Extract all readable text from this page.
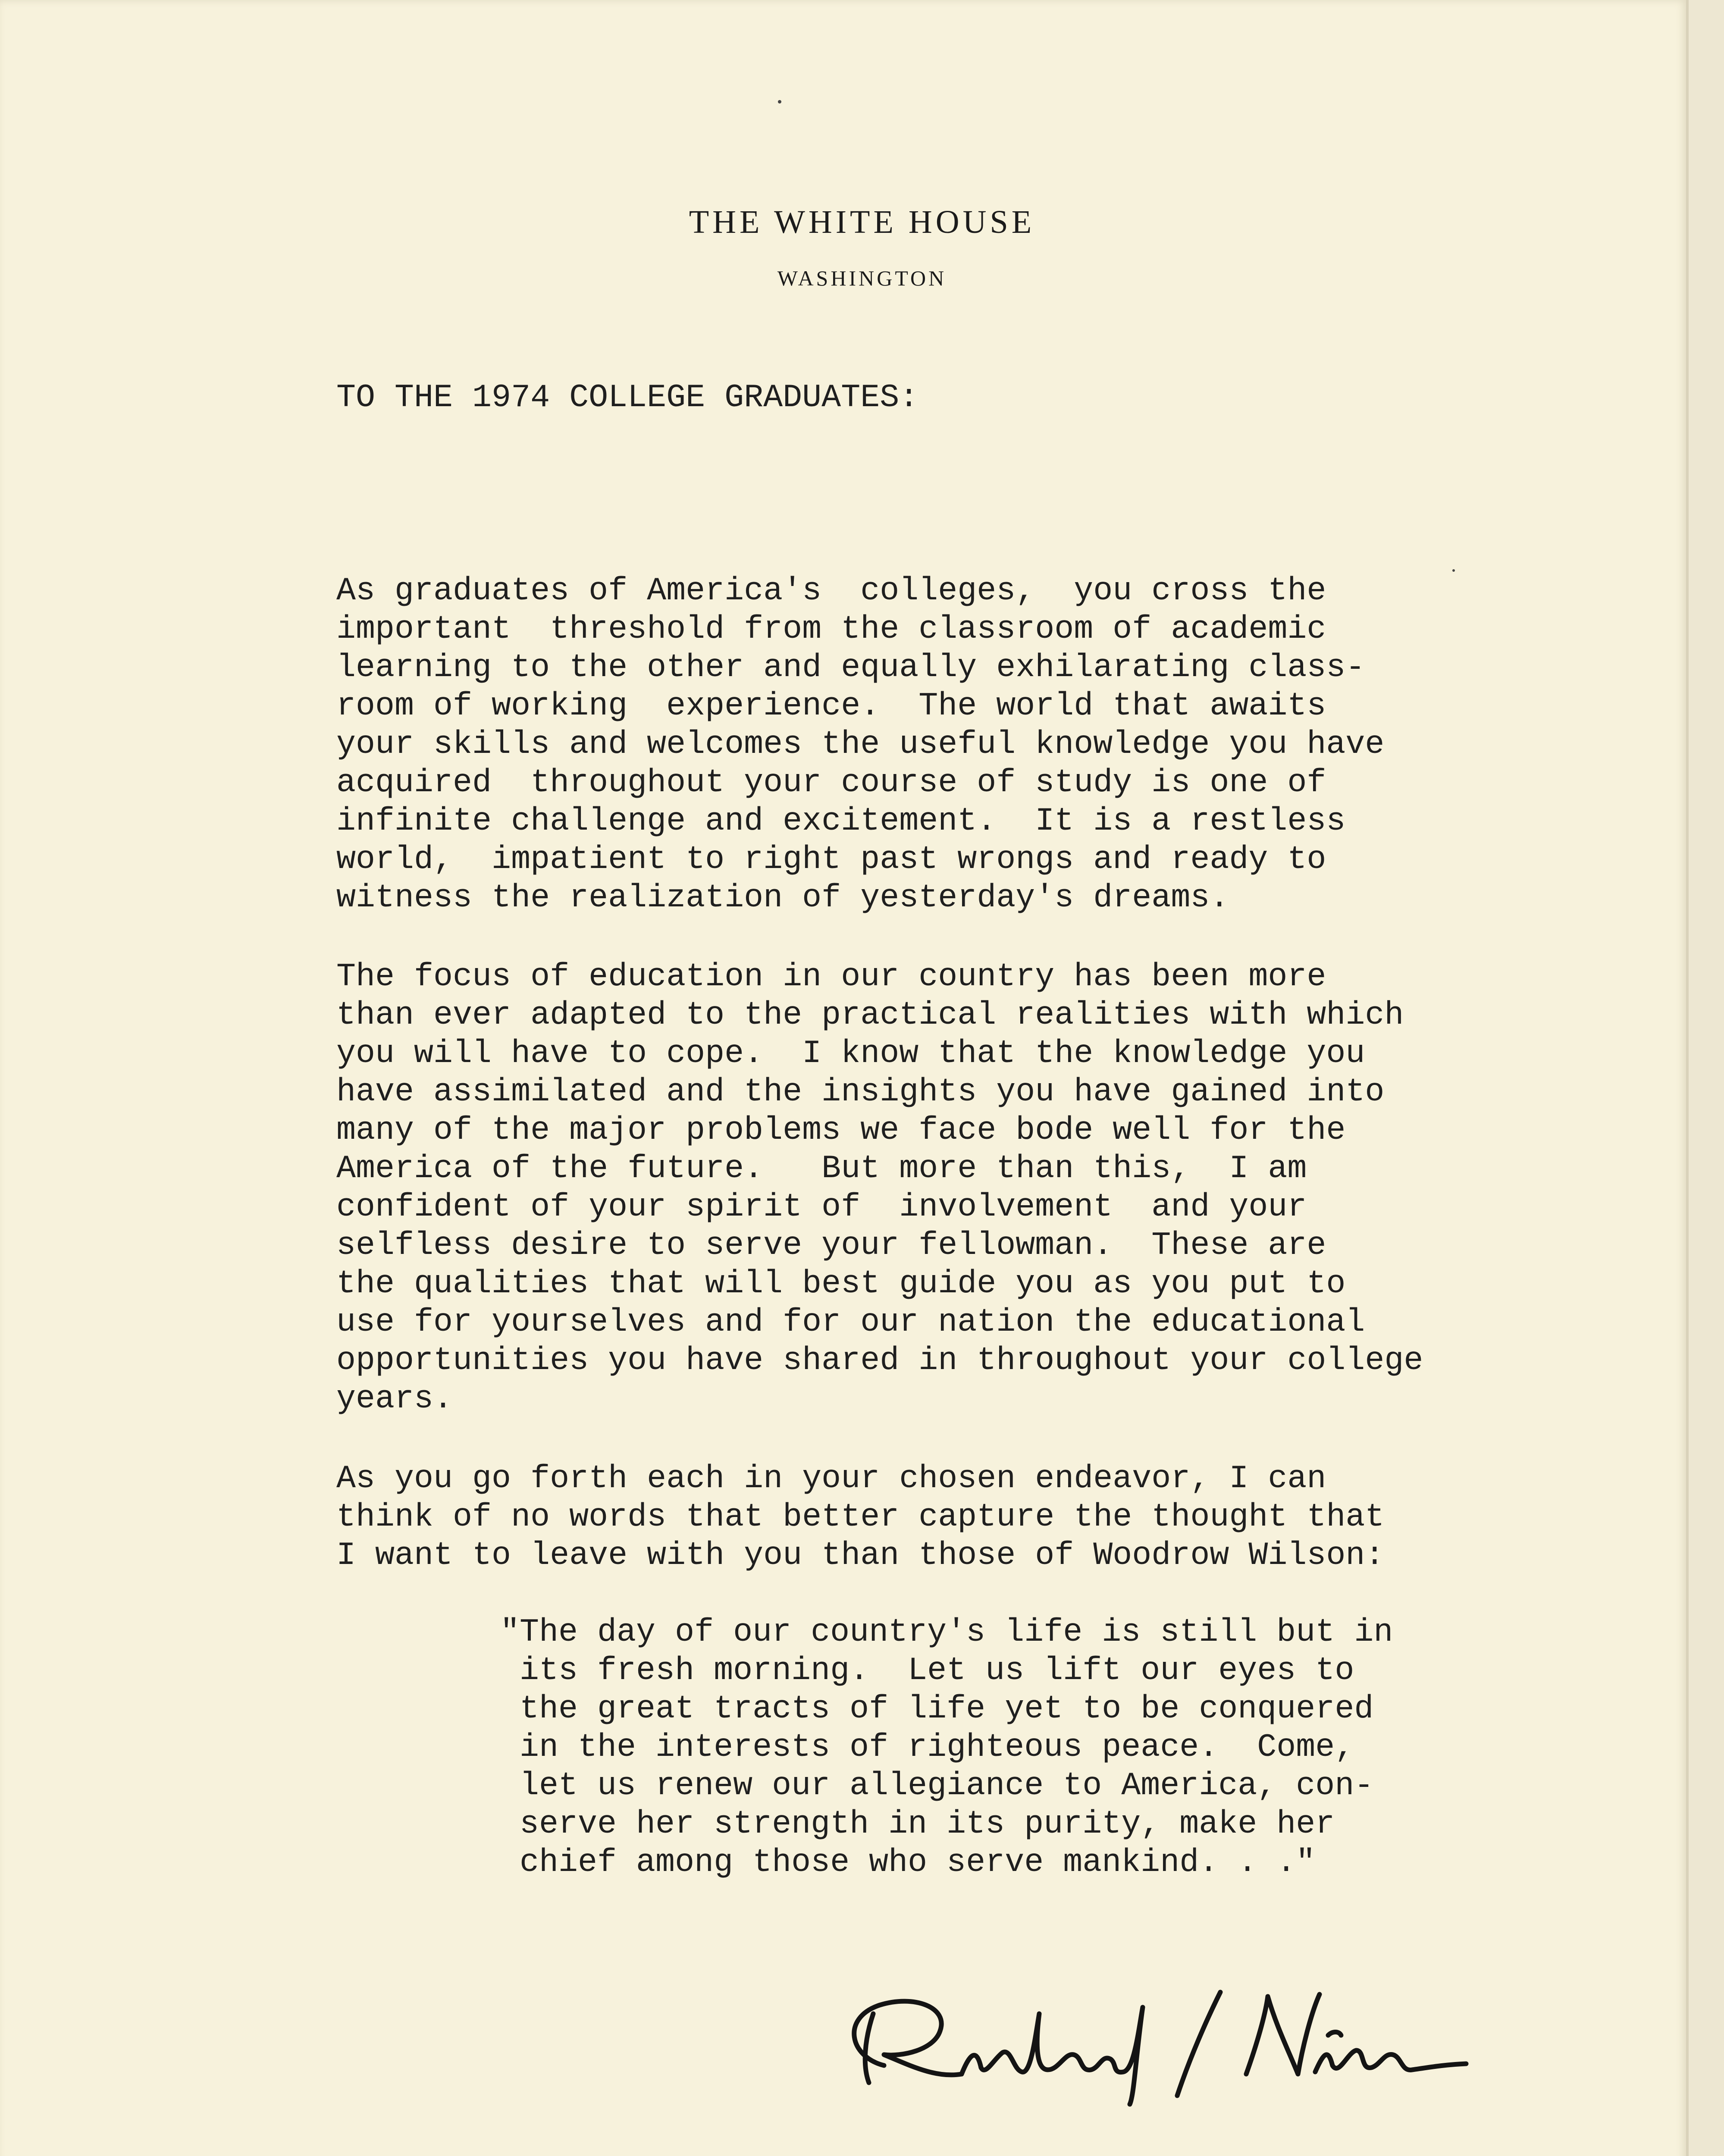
THE WHITE HOUSE
WASHINGTON
TO THE 1974 COLLEGE GRADUATES:
As graduates of America's  colleges,  you cross the
important  threshold from the classroom of academic
learning to the other and equally exhilarating class-
room of working  experience.  The world that awaits
your skills and welcomes the useful knowledge you have
acquired  throughout your course of study is one of
infinite challenge and excitement.  It is a restless
world,  impatient to right past wrongs and ready to
witness the realization of yesterday's dreams.
The focus of education in our country has been more
than ever adapted to the practical realities with which
you will have to cope.  I know that the knowledge you
have assimilated and the insights you have gained into
many of the major problems we face bode well for the
America of the future.   But more than this,  I am
confident of your spirit of  involvement  and your
selfless desire to serve your fellowman.  These are
the qualities that will best guide you as you put to
use for yourselves and for our nation the educational
opportunities you have shared in throughout your college
years.
As you go forth each in your chosen endeavor, I can
think of no words that better capture the thought that
I want to leave with you than those of Woodrow Wilson:
"The day of our country's life is still but in
its fresh morning.  Let us lift our eyes to
the great tracts of life yet to be conquered
in the interests of righteous peace.  Come,
let us renew our allegiance to America, con-
serve her strength in its purity, make her
chief among those who serve mankind. . ."
